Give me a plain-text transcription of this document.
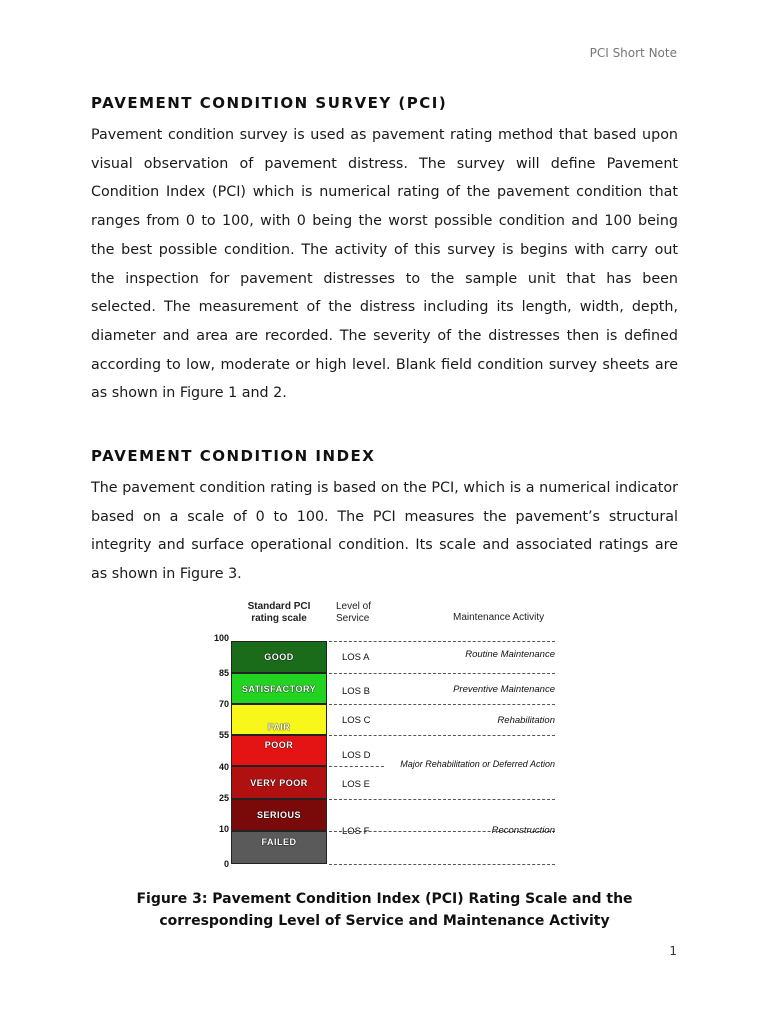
PCI Short Note
PAVEMENT CONDITION SURVEY (PCI)

Pavement condition survey is used as pavement rating method that based upon visual observation of pavement distress. The survey will define Pavement Condition Index (PCI) which is numerical rating of the pavement condition that ranges from 0 to 100, with 0 being the worst possible condition and 100 being the best possible condition. The activity of this survey is begins with carry out the inspection for pavement distresses to the sample unit that has been selected. The measurement of the distress including its length, width, depth, diameter and area are recorded. The severity of the distresses then is defined according to low, moderate or high level. Blank field condition survey sheets are as shown in Figure 1 and 2.

PAVEMENT CONDITION INDEX

The pavement condition rating is based on the PCI, which is a numerical indicator based on a scale of 0 to 100. The PCI measures the pavement’s structural integrity and surface operational condition. Its scale and associated ratings are as shown in Figure 3.

Standard PCI rating scale
Level of Service	Maintenance Activity
100
85
70
55
40
25
10
0
GOOD
SATISFACTORY
FAIR
POOR
VERY POOR
SERIOUS
FAILED
LOS A
LOS B
LOS C
LOS D
LOS E
LOS F
Routine Maintenance
Preventive Maintenance
Rehabilitation
Major Rehabilitation or Deferred Action
Reconstruction
Figure 3: Pavement Condition Index (PCI) Rating Scale and the corresponding Level of Service and Maintenance Activity
1
